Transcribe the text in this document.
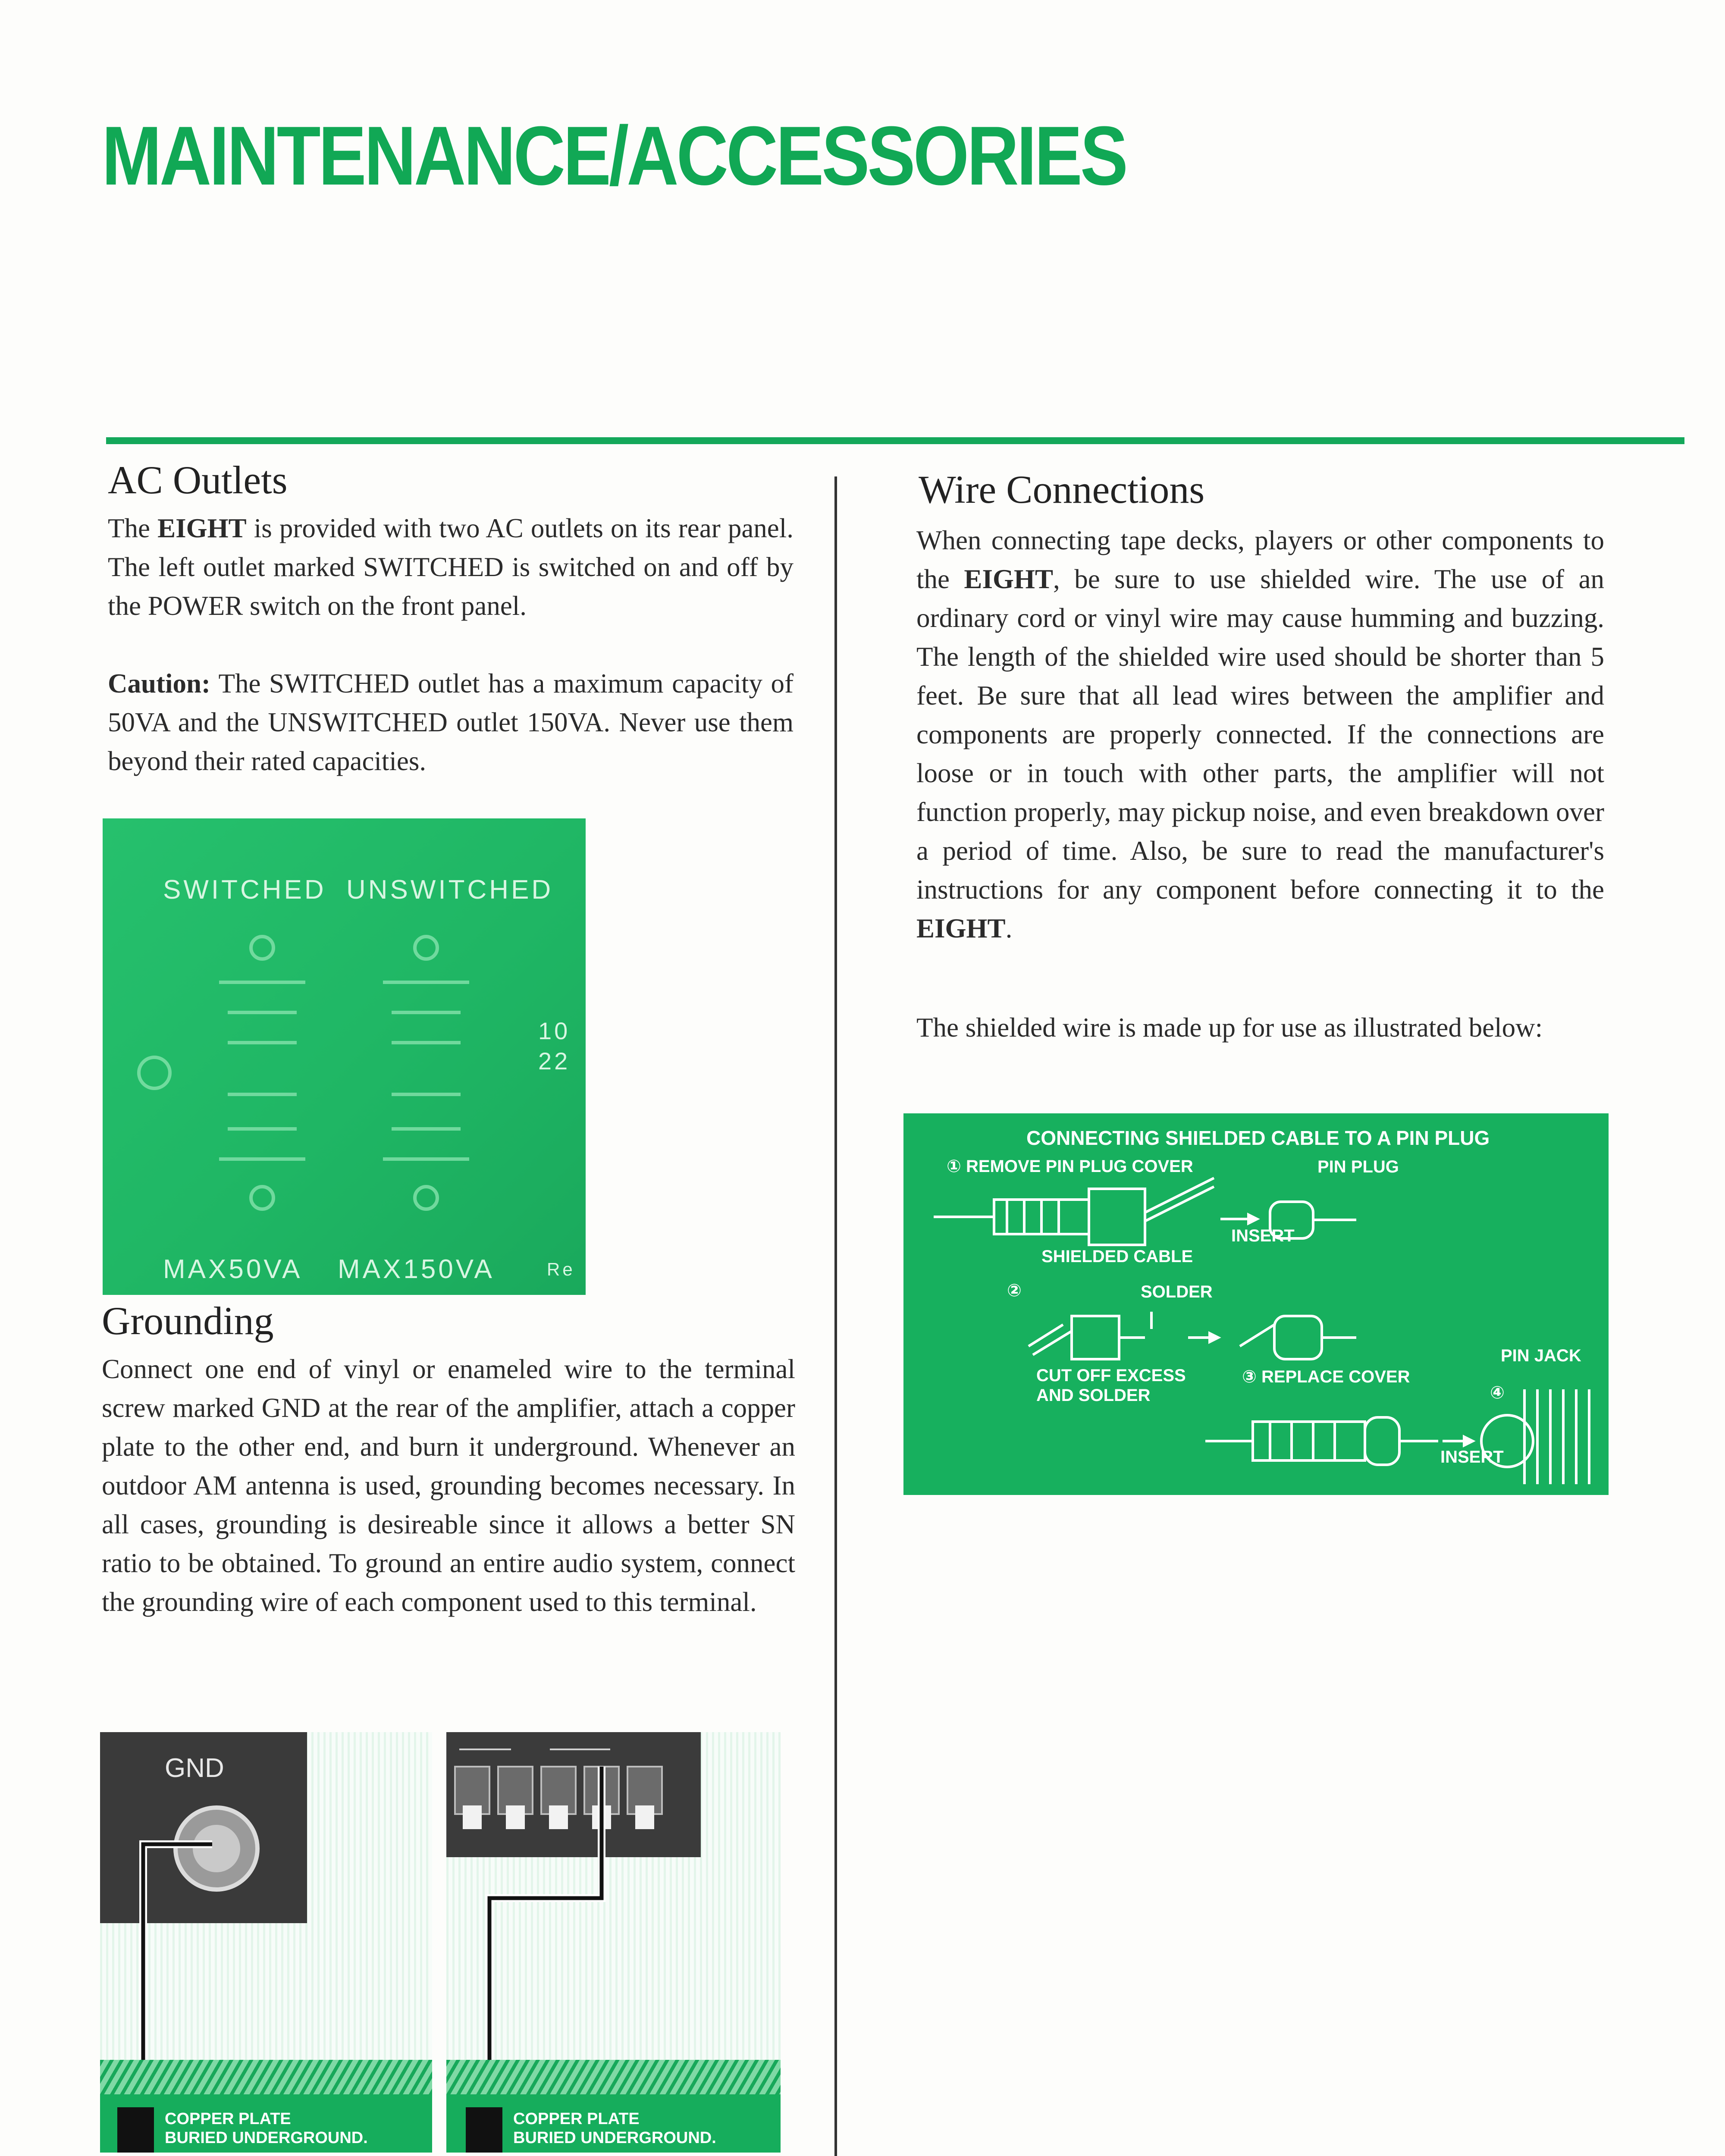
MAINTENANCE/ACCESSORIES
AC Outlets

The EIGHT is provided with two AC outlets on its rear panel. The left outlet marked SWITCHED is switched on and off by the POWER switch on the front panel.

Caution: The SWITCHED outlet has a maximum capacity of 50VA and the UNSWITCHED outlet 150VA. Never use them beyond their rated capacities.

SWITCHED UNSWITCHED
10
22
MAX50VA MAX150VA	Re
Grounding

Connect one end of vinyl or enameled wire to the terminal screw marked GND at the rear of the amplifier, attach a copper plate to the other end, and burn it underground. Whenever an outdoor AM antenna is used, grounding becomes necessary. In all cases, grounding is desireable since it allows a better SN ratio to be obtained. To ground an entire audio system, connect the grounding wire of each component used to this terminal.

GND
COPPER PLATE
BURIED UNDERGROUND.
COPPER PLATE
BURIED UNDERGROUND.
Wire Connections

When connecting tape decks, players or other components to the EIGHT, be sure to use shielded wire. The use of an ordinary cord or vinyl wire may cause humming and buzzing. The length of the shielded wire used should be shorter than 5 feet. Be sure that all lead wires between the amplifier and components are properly connected. If the connections are loose or in touch with other parts, the amplifier will not function properly, may pickup noise, and even breakdown over a period of time. Also, be sure to read the manufacturer's instructions for any component before connecting it to the EIGHT.

The shielded wire is made up for use as illustrated below:

CONNECTING SHIELDED CABLE TO A PIN PLUG
① REMOVE PIN PLUG COVER	PIN PLUG
INSERT
SHIELDED CABLE
②	SOLDER
PIN JACK
CUT OFF EXCESS
AND SOLDER
③ REPLACE COVER
④
INSERT
